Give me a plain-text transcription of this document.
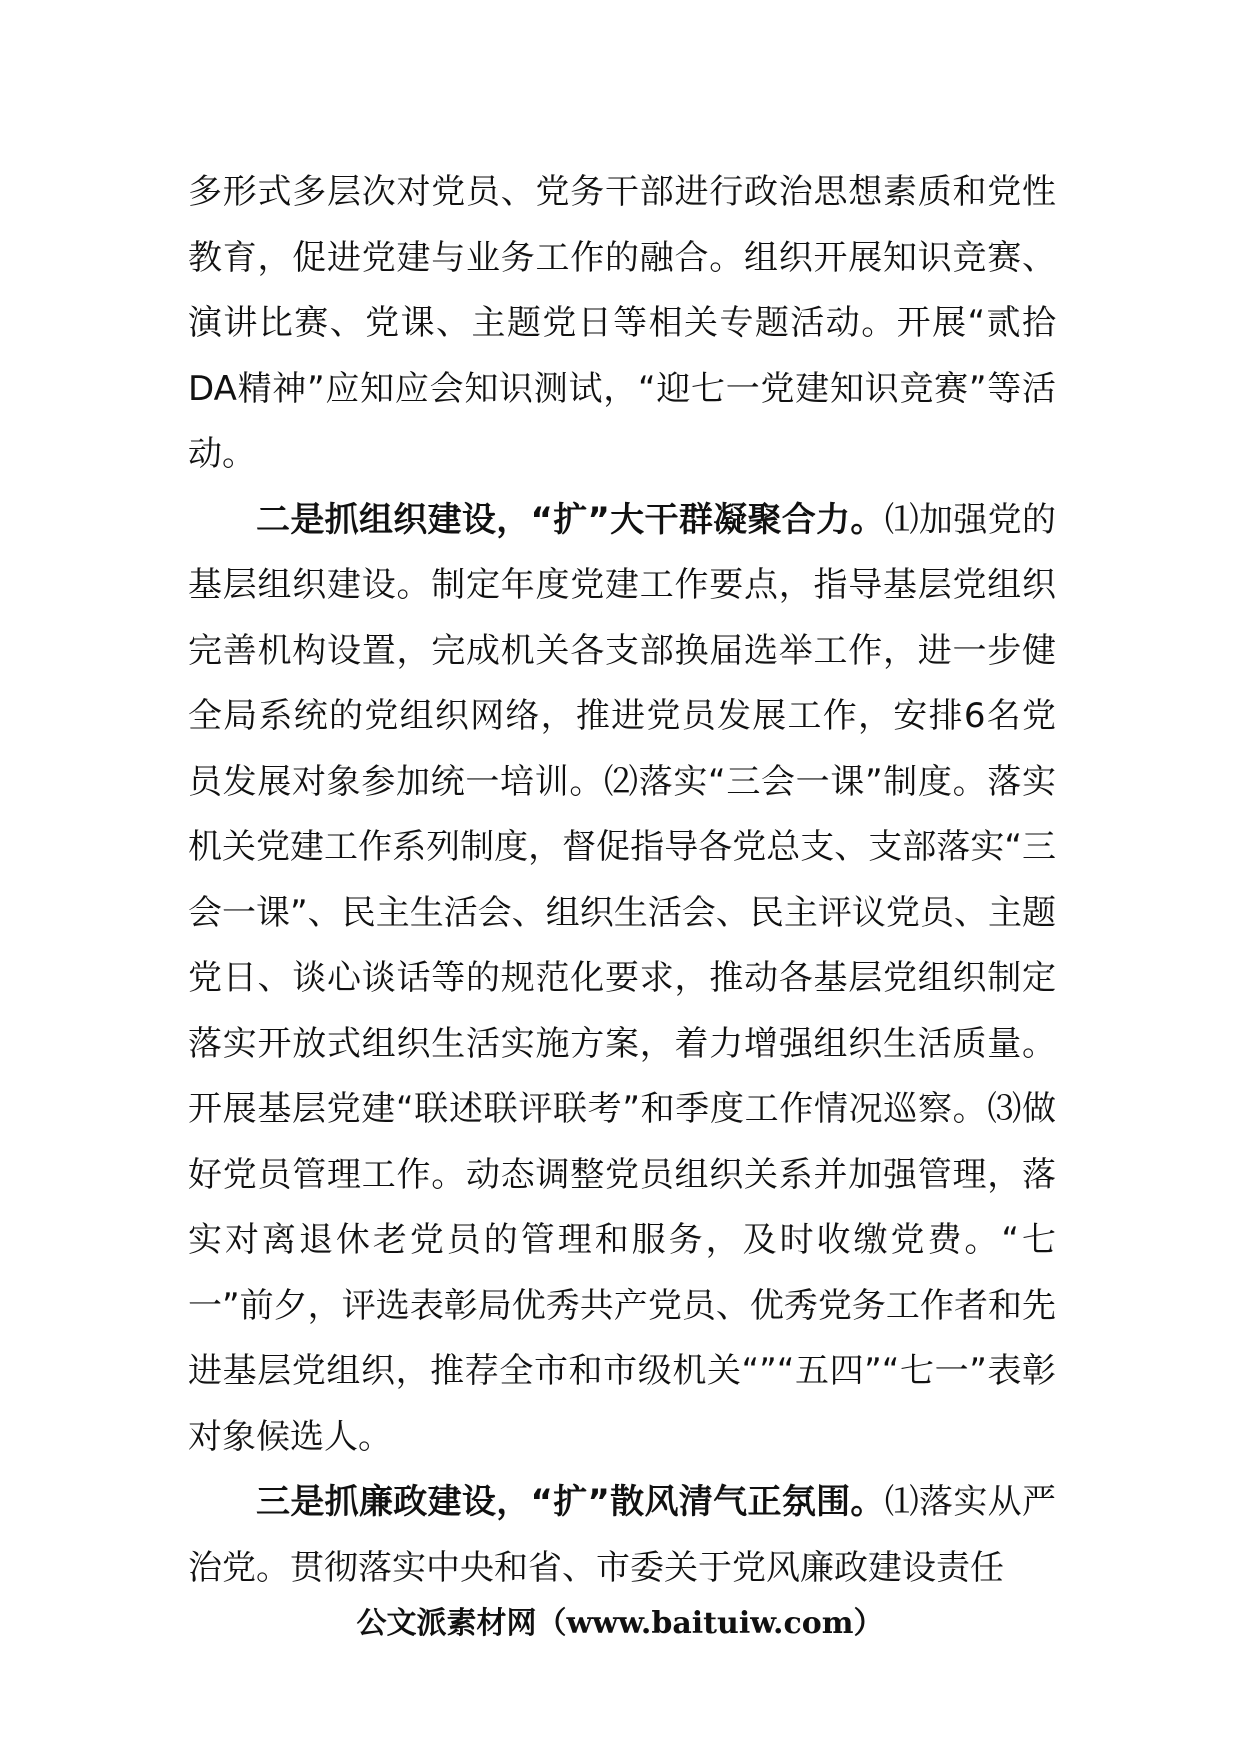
多形式多层次对党员、党务干部进行政治思想素质和党性教育，促进党建与业务工作的融合。组织开展知识竞赛、演讲比赛、党课、主题党日等相关专题活动。开展“贰拾DA精神”应知应会知识测试，“迎七一党建知识竞赛”等活动。

二是抓组织建设，“扩”大干群凝聚合力。⑴加强党的基层组织建设。制定年度党建工作要点，指导基层党组织完善机构设置，完成机关各支部换届选举工作，进一步健全局系统的党组织网络，推进党员发展工作，安排6名党员发展对象参加统一培训。⑵落实“三会一课”制度。落实机关党建工作系列制度，督促指导各党总支、支部落实“三会一课”、民主生活会、组织生活会、民主评议党员、主题党日、谈心谈话等的规范化要求，推动各基层党组织制定落实开放式组织生活实施方案，着力增强组织生活质量。开展基层党建“联述联评联考”和季度工作情况巡察。⑶做好党员管理工作。动态调整党员组织关系并加强管理，落实对离退休老党员的管理和服务，及时收缴党费。“七一”前夕，评选表彰局优秀共产党员、优秀党务工作者和先进基层党组织，推荐全市和市级机关“”“五四”“七一”表彰对象候选人。

三是抓廉政建设，“扩”散风清气正氛围。⑴落实从严治党。贯彻落实中央和省、市委关于党风廉政建设责任

公文派素材网（www.baituiw.com）
